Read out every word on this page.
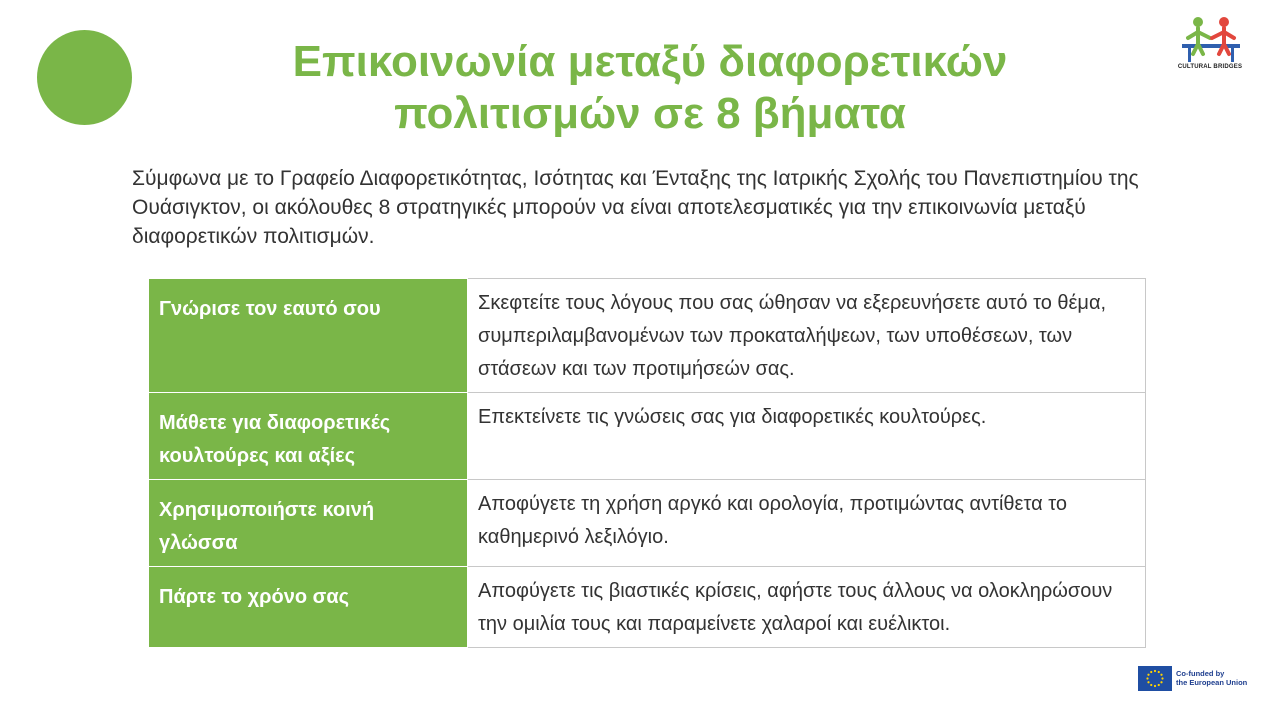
Επικοινωνία μεταξύ διαφορετικών
πολιτισμών σε 8 βήματα
CULTURAL BRIDGES

Σύμφωνα με το Γραφείο Διαφορετικότητας, Ισότητας και Ένταξης της Ιατρικής Σχολής του Πανεπιστημίου της Ουάσιγκτον, οι ακόλουθες 8 στρατηγικές μπορούν να είναι αποτελεσματικές για την επικοινωνία μεταξύ διαφορετικών πολιτισμών.

Γνώρισε τον εαυτό σου	Σκεφτείτε τους λόγους που σας ώθησαν να εξερευνήσετε αυτό το θέμα, συμπεριλαμβανομένων των προκαταλήψεων, των υποθέσεων, των στάσεων και των προτιμήσεών σας.
Μάθετε για διαφορετικές κουλτούρες και αξίες	Επεκτείνετε τις γνώσεις σας για διαφορετικές κουλτούρες.
Χρησιμοποιήστε κοινή γλώσσα	Αποφύγετε τη χρήση αργκό και ορολογία, προτιμώντας αντίθετα το καθημερινό λεξιλόγιο.
Πάρτε το χρόνο σας	Αποφύγετε τις βιαστικές κρίσεις, αφήστε τους άλλους να ολοκληρώσουν την ομιλία τους και παραμείνετε χαλαροί και ευέλικτοι.
Co-funded by
the European Union
